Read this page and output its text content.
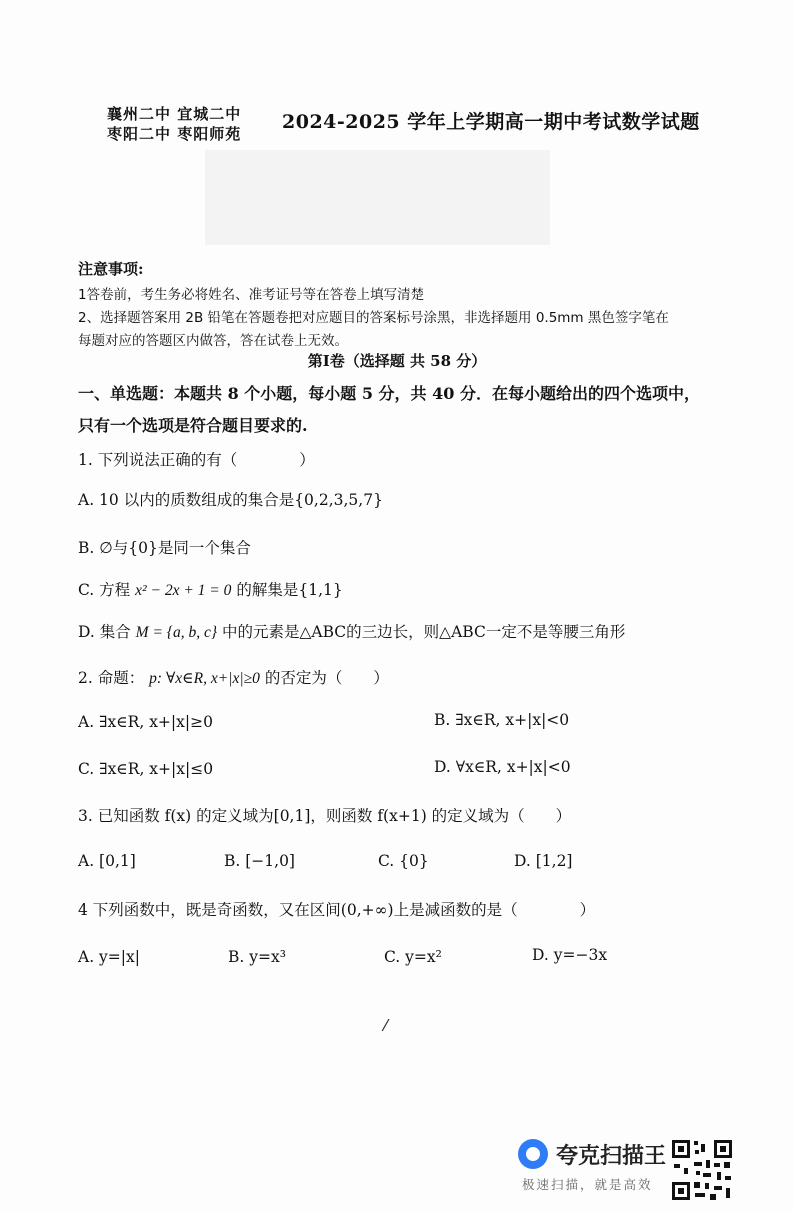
襄州二中 宜城二中
枣阳二中 枣阳师苑
2024-2025 学年上学期高一期中考试数学试题
注意事项:
1答卷前，考生务必将姓名、准考证号等在答卷上填写清楚
2、选择题答案用 2B 铅笔在答题卷把对应题目的答案标号涂黑，非选择题用 0.5mm 黑色签字笔在
每题对应的答题区内做答，答在试卷上无效。
第Ⅰ卷（选择题 共 58 分）
一、单选题：本题共 8 个小题，每小题 5 分，共 40 分．在每小题给出的四个选项中，
只有一个选项是符合题目要求的.
1. 下列说法正确的有（　　　　）
A. 10 以内的质数组成的集合是{0,2,3,5,7}
B. ∅与{0}是同一个集合
C. 方程 x² − 2x + 1 = 0 的解集是{1,1}
D. 集合 M = {a, b, c} 中的元素是△ABC的三边长，则△ABC一定不是等腰三角形
2. 命题： p: ∀x∈R, x+|x|≥0 的否定为（　　）
A. ∃x∈R, x+|x|≥0	B. ∃x∈R, x+|x|<0
C. ∃x∈R, x+|x|≤0	D. ∀x∈R, x+|x|<0
3. 已知函数 f(x) 的定义域为[0,1]，则函数 f(x+1) 的定义域为（　　）
A. [0,1]	B. [−1,0]	C. {0}	D. [1,2]
4 下列函数中，既是奇函数，又在区间(0,+∞)上是减函数的是（　　　　）
A. y=|x|	B. y=x³	C. y=x²	D. y=−3x
/
夸克扫描王
极速扫描，就是高效
